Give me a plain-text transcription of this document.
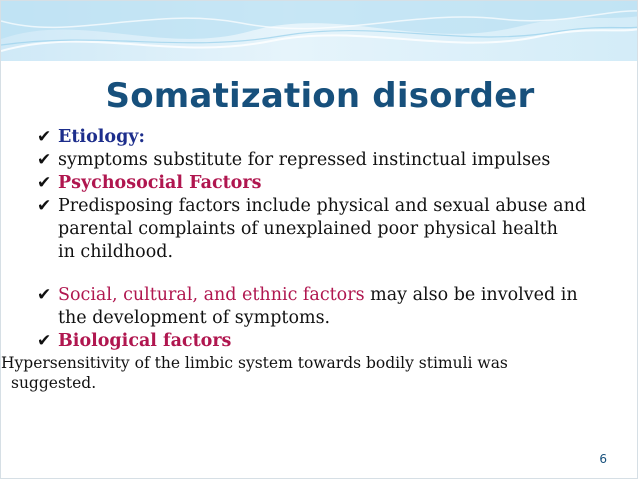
Somatization disorder
✔ Etiology:
✔ symptoms substitute for repressed instinctual impulses
✔ Psychosocial Factors
✔ Predisposing factors include physical and sexual abuse and
parental complaints of unexplained poor physical health
in childhood.
✔ Social, cultural, and ethnic factors may also be involved in
the development of symptoms.
✔ Biological factors
Hypersensitivity of the limbic system towards bodily stimuli was
suggested.
6
